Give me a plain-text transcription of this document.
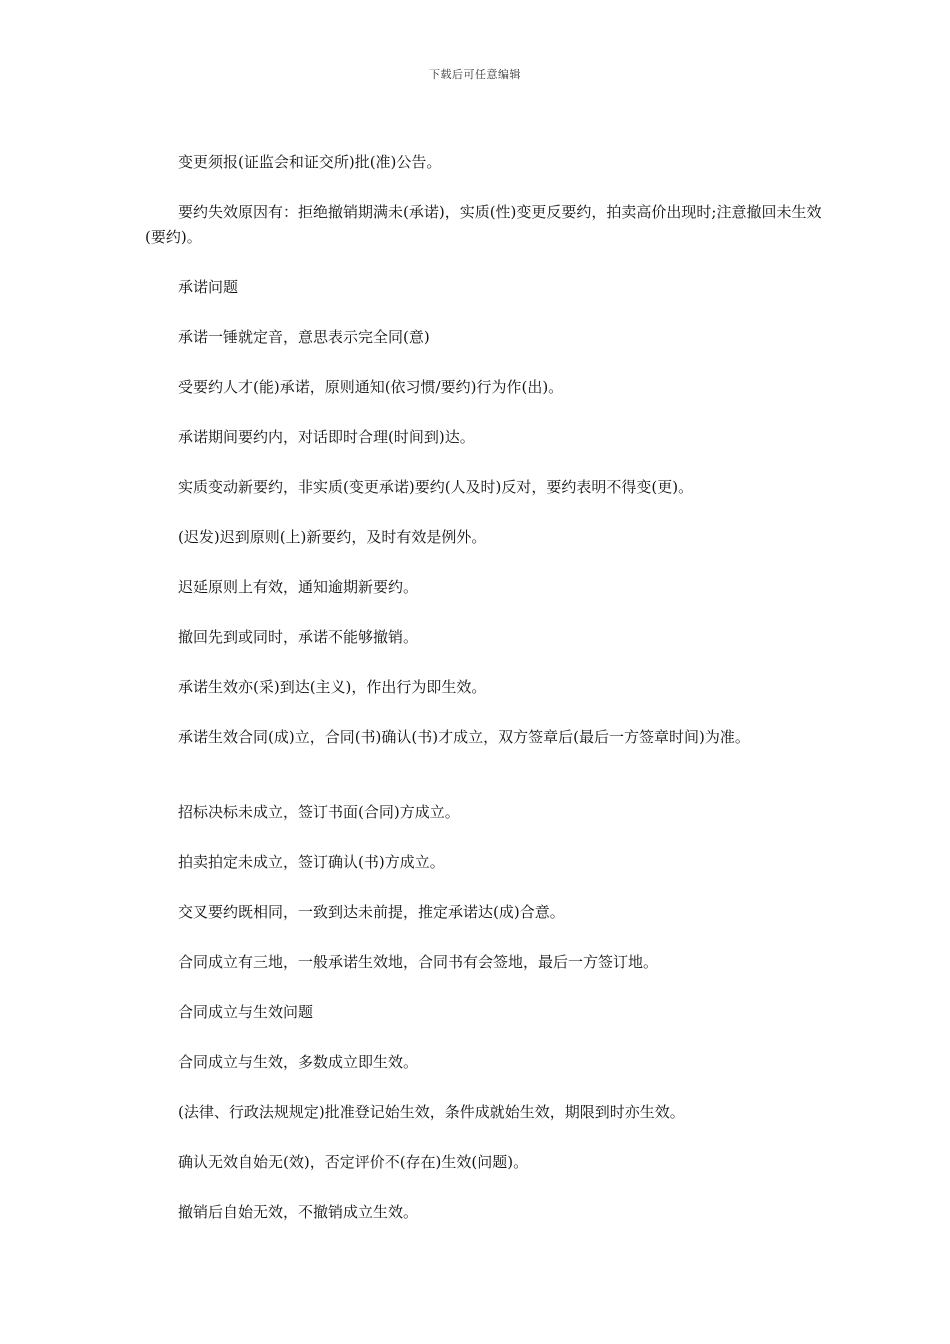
下载后可任意编辑

变更须报(证监会和证交所)批(准)公告。

要约失效原因有：拒绝撤销期满未(承诺)，实质(性)变更反要约，拍卖高价出现时;注意撤回未生效(要约)。

承诺问题

承诺一锤就定音，意思表示完全同(意)

受要约人才(能)承诺，原则通知(依习惯/要约)行为作(出)。

承诺期间要约内，对话即时合理(时间到)达。

实质变动新要约，非实质(变更承诺)要约(人及时)反对，要约表明不得变(更)。

(迟发)迟到原则(上)新要约，及时有效是例外。

迟延原则上有效，通知逾期新要约。

撤回先到或同时，承诺不能够撤销。

承诺生效亦(采)到达(主义)，作出行为即生效。

承诺生效合同(成)立，合同(书)确认(书)才成立，双方签章后(最后一方签章时间)为准。

招标决标未成立，签订书面(合同)方成立。

拍卖拍定未成立，签订确认(书)方成立。

交叉要约既相同，一致到达未前提，推定承诺达(成)合意。

合同成立有三地，一般承诺生效地，合同书有会签地，最后一方签订地。

合同成立与生效问题

合同成立与生效，多数成立即生效。

(法律、行政法规规定)批准登记始生效，条件成就始生效，期限到时亦生效。

确认无效自始无(效)，否定评价不(存在)生效(问题)。

撤销后自始无效，不撤销成立生效。
